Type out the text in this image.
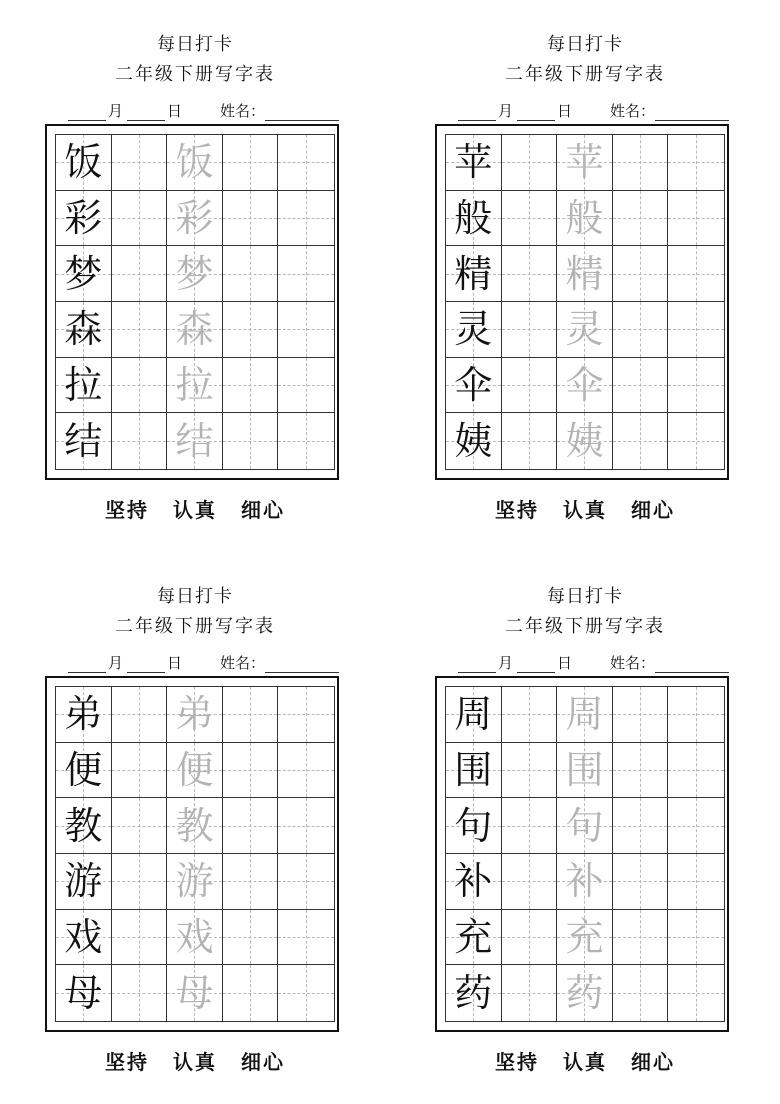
每日打卡
二年级下册写字表
月	日	姓名：
饭 饭
彩 彩
梦 梦
森 森
拉 拉
结 结
坚持 认真 细心
每日打卡
二年级下册写字表
月	日	姓名：
苹 苹
般 般
精 精
灵 灵
伞 伞
姨 姨
坚持 认真 细心
每日打卡
二年级下册写字表
月	日	姓名：
弟 弟
便 便
教 教
游 游
戏 戏
母 母
坚持 认真 细心
每日打卡
二年级下册写字表
月	日	姓名：
周 周
围 围
句 句
补 补
充 充
药 药
坚持 认真 细心
